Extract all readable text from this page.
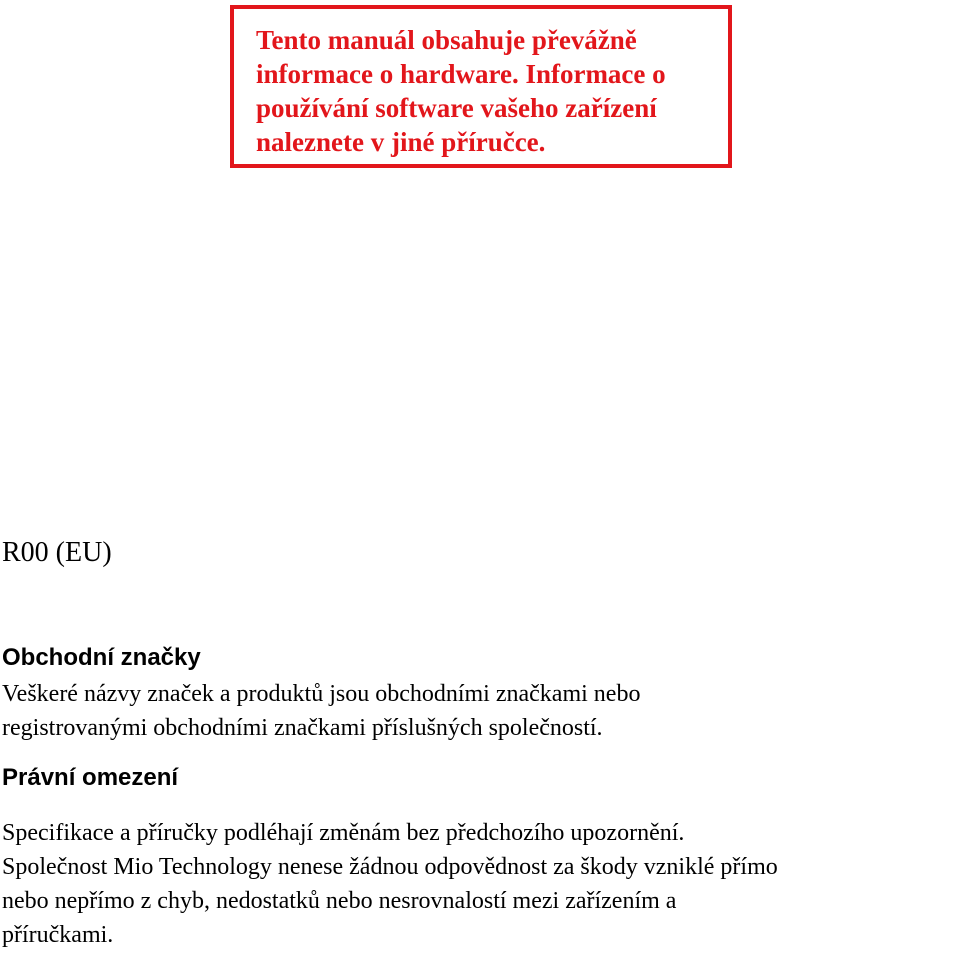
Tento manuál obsahuje převážně
informace o hardware. Informace o
používání software vašeho zařízení
naleznete v jiné příručce.

R00 (EU)

Obchodní značky

Veškeré názvy značek a produktů jsou obchodními značkami nebo
registrovanými obchodními značkami příslušných společností.

Právní omezení

Specifikace a příručky podléhají změnám bez předchozího upozornění.
Společnost Mio Technology nenese žádnou odpovědnost za škody vzniklé přímo
nebo nepřímo z chyb, nedostatků nebo nesrovnalostí mezi zařízením a
příručkami.
